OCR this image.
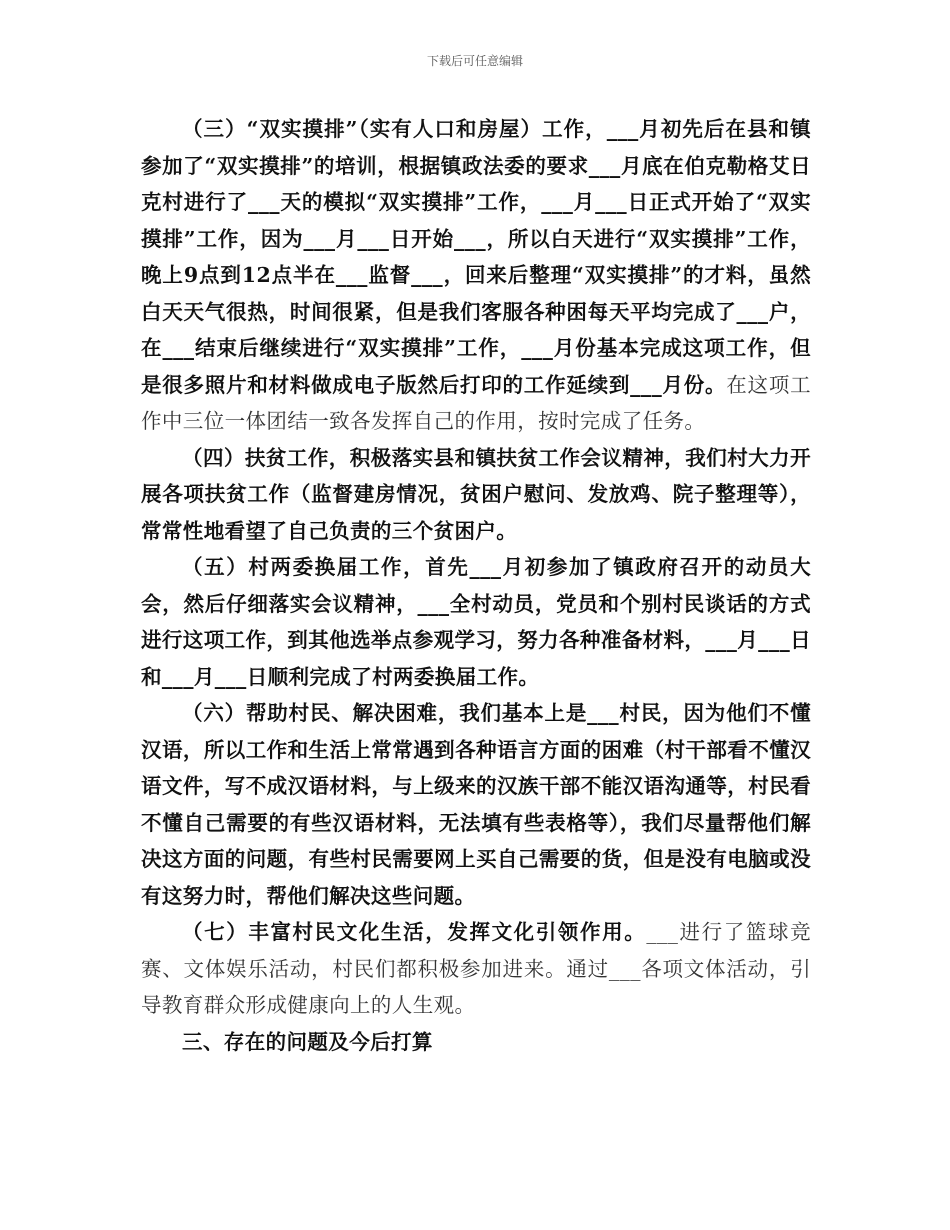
下载后可任意编辑

（三）“双实摸排”（实有人口和房屋）工作，___月初先后在县和镇参加了“双实摸排”的培训，根据镇政法委的要求___月底在伯克勒格艾日克村进行了___天的模拟“双实摸排”工作，___月___日正式开始了“双实摸排”工作，因为___月___日开始___，所以白天进行“双实摸排”工作，晚上9点到12点半在___监督___，回来后整理“双实摸排”的才料，虽然白天天气很热，时间很紧，但是我们客服各种困每天平均完成了___户，在___结束后继续进行“双实摸排”工作，___月份基本完成这项工作，但是很多照片和材料做成电子版然后打印的工作延续到___月份。在这项工作中三位一体团结一致各发挥自己的作用，按时完成了任务。

（四）扶贫工作，积极落实县和镇扶贫工作会议精神，我们村大力开展各项扶贫工作（监督建房情况，贫困户慰问、发放鸡、院子整理等），常常性地看望了自己负责的三个贫困户。

（五）村两委换届工作，首先___月初参加了镇政府召开的动员大会，然后仔细落实会议精神，___全村动员，党员和个别村民谈话的方式进行这项工作，到其他选举点参观学习，努力各种准备材料，___月___日和___月___日顺利完成了村两委换届工作。

（六）帮助村民、解决困难，我们基本上是___村民，因为他们不懂汉语，所以工作和生活上常常遇到各种语言方面的困难（村干部看不懂汉语文件，写不成汉语材料，与上级来的汉族干部不能汉语沟通等，村民看不懂自己需要的有些汉语材料，无法填有些表格等），我们尽量帮他们解决这方面的问题，有些村民需要网上买自己需要的货，但是没有电脑或没有这努力时，帮他们解决这些问题。

（七）丰富村民文化生活，发挥文化引领作用。___进行了篮球竞赛、文体娱乐活动，村民们都积极参加进来。通过___各项文体活动，引导教育群众形成健康向上的人生观。

三、存在的问题及今后打算
